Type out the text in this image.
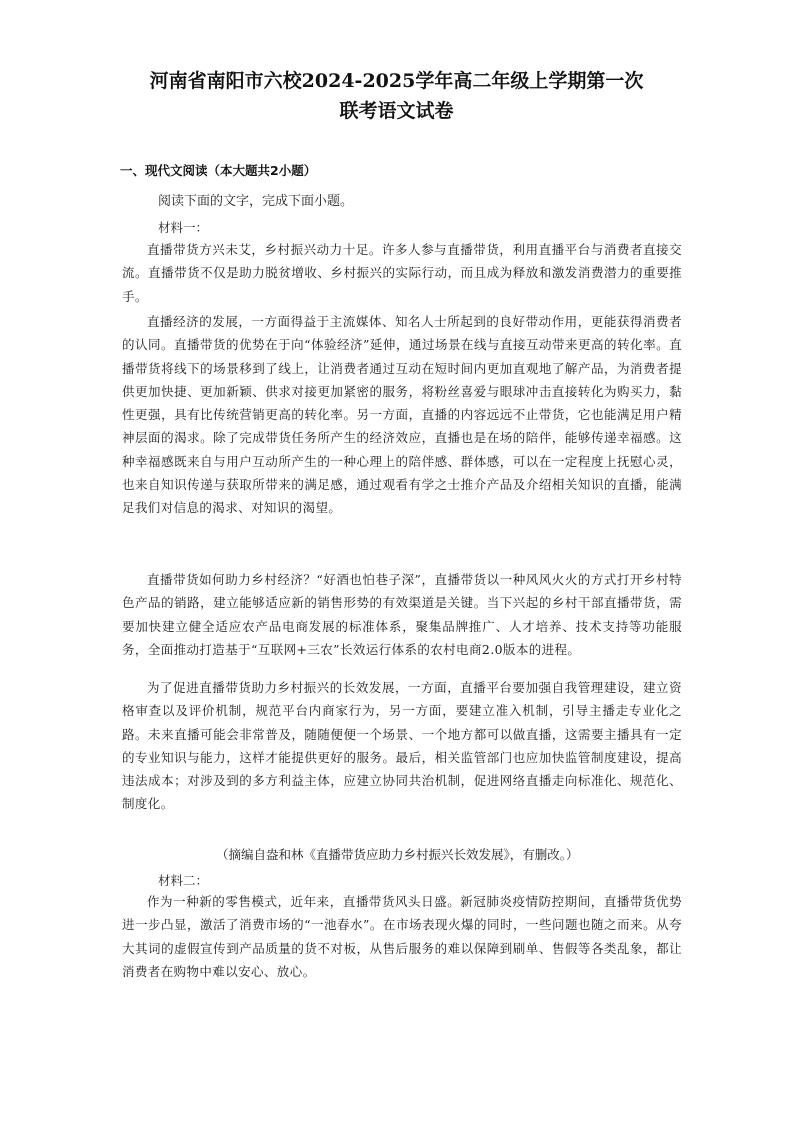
河南省南阳市六校2024-2025学年高二年级上学期第一次
联考语文试卷
一、现代文阅读（本大题共2小题）
阅读下面的文字，完成下面小题。
材料一：

直播带货方兴未艾，乡村振兴动力十足。许多人参与直播带货，利用直播平台与消费者直接交流。直播带货不仅是助力脱贫增收、乡村振兴的实际行动，而且成为释放和激发消费潜力的重要推手。

直播经济的发展，一方面得益于主流媒体、知名人士所起到的良好带动作用，更能获得消费者的认同。直播带货的优势在于向“体验经济”延伸，通过场景在线与直接互动带来更高的转化率。直播带货将线下的场景移到了线上，让消费者通过互动在短时间内更加直观地了解产品，为消费者提供更加快捷、更加新颖、供求对接更加紧密的服务，将粉丝喜爱与眼球冲击直接转化为购买力，黏性更强，具有比传统营销更高的转化率。另一方面，直播的内容远远不止带货，它也能满足用户精神层面的渴求。除了完成带货任务所产生的经济效应，直播也是在场的陪伴，能够传递幸福感。这种幸福感既来自与用户互动所产生的一种心理上的陪伴感、群体感，可以在一定程度上抚慰心灵，也来自知识传递与获取所带来的满足感，通过观看有学之士推介产品及介绍相关知识的直播，能满足我们对信息的渴求、对知识的渴望。

直播带货如何助力乡村经济？“好酒也怕巷子深”，直播带货以一种风风火火的方式打开乡村特色产品的销路，建立能够适应新的销售形势的有效渠道是关键。当下兴起的乡村干部直播带货，需要加快建立健全适应农产品电商发展的标准体系，聚集品牌推广、人才培养、技术支持等功能服务，全面推动打造基于“互联网+三农”长效运行体系的农村电商2.0版本的进程。

为了促进直播带货助力乡村振兴的长效发展，一方面，直播平台要加强自我管理建设，建立资格审查以及评价机制，规范平台内商家行为，另一方面，要建立准入机制，引导主播走专业化之路。未来直播可能会非常普及，随随便便一个场景、一个地方都可以做直播，这需要主播具有一定的专业知识与能力，这样才能提供更好的服务。最后，相关监管部门也应加快监管制度建设，提高违法成本；对涉及到的多方利益主体，应建立协同共治机制，促进网络直播走向标准化、规范化、制度化。

（摘编自盎和林《直播带货应助力乡村振兴长效发展》，有删改。）
材料二：

作为一种新的零售模式，近年来，直播带货风头日盛。新冠肺炎疫情防控期间，直播带货优势进一步凸显，激活了消费市场的“一池春水”。在市场表现火爆的同时，一些问题也随之而来。从夸大其词的虚假宣传到产品质量的货不对板，从售后服务的难以保障到刷单、售假等各类乱象，都让消费者在购物中难以安心、放心。
